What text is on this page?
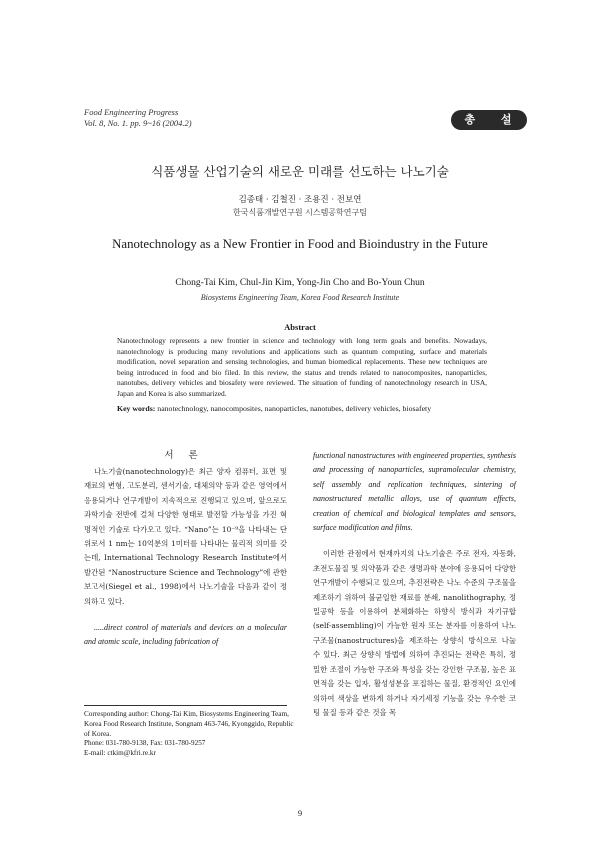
Food Engineering Progress
Vol. 8, No. 1. pp. 9~16 (2004.2)	총 설
식품생물 산업기술의 새로운 미래를 선도하는 나노기술
김종태 · 김철진 · 조용진 · 전보연
한국식품개발연구원 시스템공학연구팀
Nanotechnology as a New Frontier in Food and Bioindustry in the Future
Chong-Tai Kim, Chul-Jin Kim, Yong-Jin Cho and Bo-Youn Chun
Biosystems Engineering Team, Korea Food Research Institute
Abstract
Nanotechnology represents a new frontier in science and technology with long term goals and benefits. Nowadays, nanotechnology is producing many revolutions and applications such as quantum computing, surface and materials modification, novel separation and sensing technologies, and human biomedical replacements. These new techniques are being introduced in food and bio filed. In this review, the status and trends related to nanocomposites, nanoparticles, nanotubes, delivery vehicles and biosafety were reviewed. The situation of funding of nanotechnology research in USA, Japan and Korea is also summarized.
Key words: nanotechnology, nanocomposites, nanoparticles, nanotubes, delivery vehicles, biosafety
서 론

나노기술(nanotechnology)은 최근 양자 컴퓨터, 표면 및 재료의 변형, 고도분리, 센서기술, 대체의약 등과 같은 영역에서 응용되거나 연구개발이 지속적으로 진행되고 있으며, 앞으로도 과학기술 전반에 걸쳐 다양한 형태로 발전할 가능성을 가진 혁명적인 기술로 다가오고 있다. “Nano”는 10⁻⁹을 나타내는 단위로서 1 nm는 10억분의 1미터를 나타내는 물리적 의미를 갖는데, International Technology Research Institute에서 발간된 “Nanostructure Science and Technology”에 관한 보고서(Siegel et al., 1998)에서 나노기술을 다음과 같이 정의하고 있다.

.....direct control of materials and devices on a molecular and atomic scale, including fabrication of

functional nanostructures with engineered properties, synthesis and processing of nanoparticles, supramolecular chemistry, self assembly and replication techniques, sintering of nanostructured metallic alloys, use of quantum effects, creation of chemical and biological templates and sensors, surface modification and films.

이러한 관점에서 현재까지의 나노기술은 주로 전자, 자동화, 초전도물질 및 의약품과 같은 생명과학 분야에 응용되어 다양한 연구개발이 수행되고 있으며, 추진전략은 나노 수준의 구조물을 제조하기 위하여 불균일한 재료를 분쇄, nanolithography, 정밀공학 등을 이용하여 분체화하는 하향식 방식과 자기규합(self-assembling)이 가능한 원자 또는 분자를 이용하여 나노구조물(nanostructures)을 제조하는 상향식 방식으로 나눌 수 있다. 최근 상향식 방법에 의하여 추진되는 전략은 특히, 정밀한 조절이 가능한 구조와 특성을 갖는 강인한 구조물, 높은 표면적을 갖는 입자, 활성성분을 포집하는 물질, 환경적인 요인에 의하여 색상을 변하게 하거나 자기세정 기능을 갖는 우수한 코팅 물질 등과 같은 것을 목

Corresponding author: Chong-Tai Kim, Biosystems Engineering Team, Korea Food Research Institute, Songnam 463-746, Kyonggido, Republic of Korea.
Phone: 031-780-9138, Fax: 031-780-9257
E-mail: ctkim@kfri.re.kr
9
